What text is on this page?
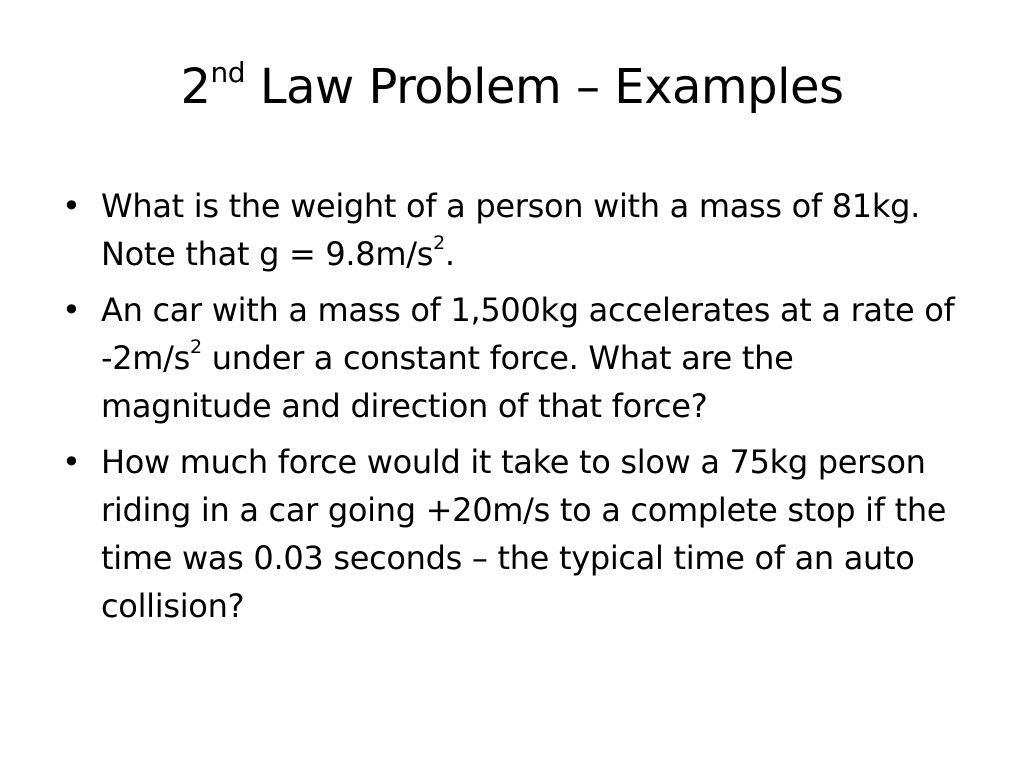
2nd Law Problem – Examples
• What is the weight of a person with a mass of 81kg. Note that $g = 9.8m/s^2$.
• An car with a mass of 1,500kg accelerates at a rate of $-2m/s^2$ under a constant force. What are the magnitude and direction of that force?
• How much force would it take to slow a 75kg person riding in a car going +20m/s to a complete stop if the time was 0.03 seconds – the typical time of an auto collision?
